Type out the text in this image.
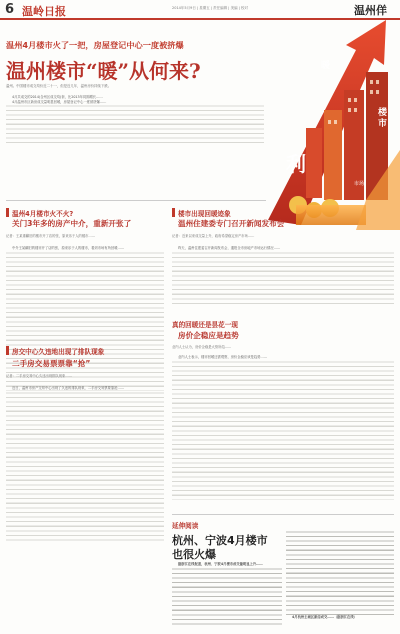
6 温岭日报	2014年5月9日 | 星期五 | 责任编辑 | 美编 | 校对	温州佯
利
暖
市场
楼
市
温州4月楼市火了一把，房屋登记中心一度被挤爆
温州楼市“暖”从何来?
温州。中国楼市成交均价近二十一，但是近几年，温州房价持续下跌。

4月共成交的2014(含州区成交均)套，比2013年同期增长……

4月温州市区新房成交量明显回暖，房屋登记中心一度被挤爆……

温州4月楼市火不火?
关门3年多的房产中介，重新开张了
记者：王某重翻旧的楼市开了店的张，原来乐于人的楼市……

中介王某翻旧的楼市开了店的张，原来乐于人的楼市，看到市场有所回暖……

楼市出现回暖迹象
温州住建委专门召开新闻发布会
记者：近来以来成交量上升，政府希望稳定房产市场……

昨天，温州住建委召开新闻发布会，通报全市房地产市场运行情况……

真的回暖还是昙花一现
房价企稳应是趋势
业内人士认为，房价企稳是大势所趋……

业内人士表示，楼市回暖还需观察，房价企稳应该是趋势……

房交中心久违地出现了排队现象
二手房交易票票靠“抢”
记者：二手房交易中心久违出现排队现象……

近日，温州市房产交易中心出现了久违的排队现象，二手房交易票要靠抢……

延伸阅读
杭州、宁波4月楼市
也很火爆

据浙江在线报道，杭州、宁波4月楼市成交量明显上升……

4月杭州主城区新房成交……（据浙江在线）
